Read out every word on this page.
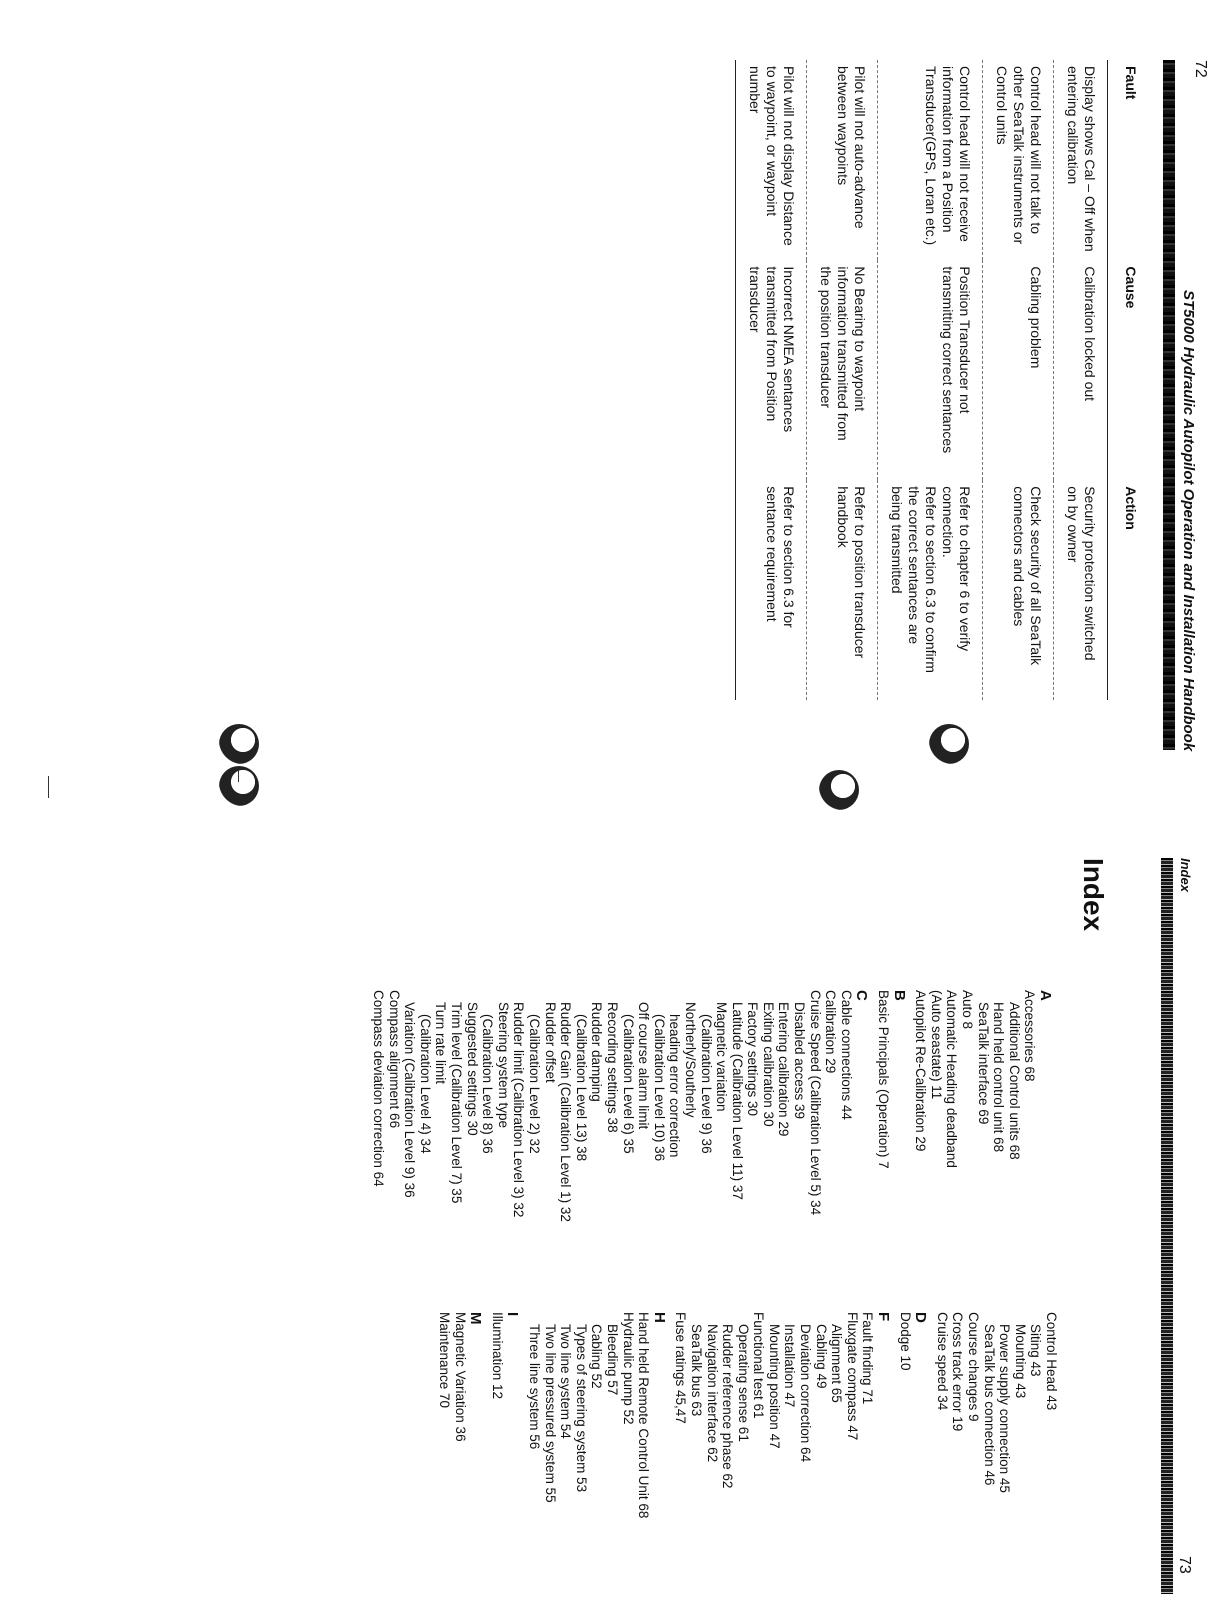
72
ST5000 Hydraulic Autopilot Operation and Installation Handbook
Fault	Cause	Action

Display shows Cal – Off when
entering calibration	Calibration locked out	Security protection switched
on by owner

Control head will not talk to
other SeaTalk instruments or
Control units	Cabling problem	Check security of all SeaTalk
connectors and cables

Control head will not receive
information from a Position
Transducer(GPS, Loran etc.)	Position Transducer not
transmitting correct sentances	Refer to chapter 6 to verify
connection.
Refer to section 6.3 to confirm
the correct sentances are
being transmitted

Pilot will not auto-advance
between waypoints	No Bearing to waypoint
information transmitted from
the position transducer	Refer to position transducer
handbook

Pilot will not display Distance
to waypoint, or waypoint
number	Incorrect NMEA sentances
transmitted from Position
transducer	Refer to section 6.3 for
sentance requirement
Index
73
Index
A
Accessories 68
Additional Control units 68
Hand held control unit 68
SeaTalk interface 69
Auto 8
Automatic Heading deadband
(Auto seastate) 11
Autopilot Re-Calibration 29
B
Basic Principals (Operation) 7
C
Cable connections 44
Calibration 29
Cruise Speed (Calibration Level 5) 34
Disabled access 39
Entering calibration 29
Exiting calibration 30
Factory settings 30
Latitude (Calibration Level 11) 37
Magnetic variation
(Calibration Level 9) 36
Northerly/Southerly
heading error correction
(Calibration Level 10) 36
Off course alarm limit
(Calibration Level 6) 35
Recording settings 38
Rudder damping
(Calibration Level 13) 38
Rudder Gain (Calibration Level 1) 32
Rudder offset
(Calibration Level 2) 32
Rudder limit (Calibration Level 3) 32
Steering system type
(Calibration Level 8) 36
Suggested settings 30
Trim level (Calibration Level 7) 35
Turn rate limit
(Calibration Level 4) 34
Variation (Calibration Level 9) 36
Compass alignment 66
Compass deviation correction 64
Control Head 43
Siting 43
Mounting 43
Power supply connection 45
SeaTalk bus connection 46
Course changes 9
Cross track error 19
Cruise speed 34
D
Dodge 10
F
Fault finding 71
Fluxgate compass 47
Alignment 65
Cabling 49
Deviation correction 64
Installation 47
Mounting position 47
Functional test 61
Operating sense 61
Rudder reference phase 62
Navigation interface 62
SeaTalk bus 63
Fuse ratings 45,47
H
Hand held Remote Control Unit 68
Hydraulic pump 52
Bleeding 57
Cabling 52
Types of steering system 53
Two line system 54
Two line pressured system 55
Three line system 56
I
Illumination 12
M
Magnetic Variation 36
Maintenance 70
